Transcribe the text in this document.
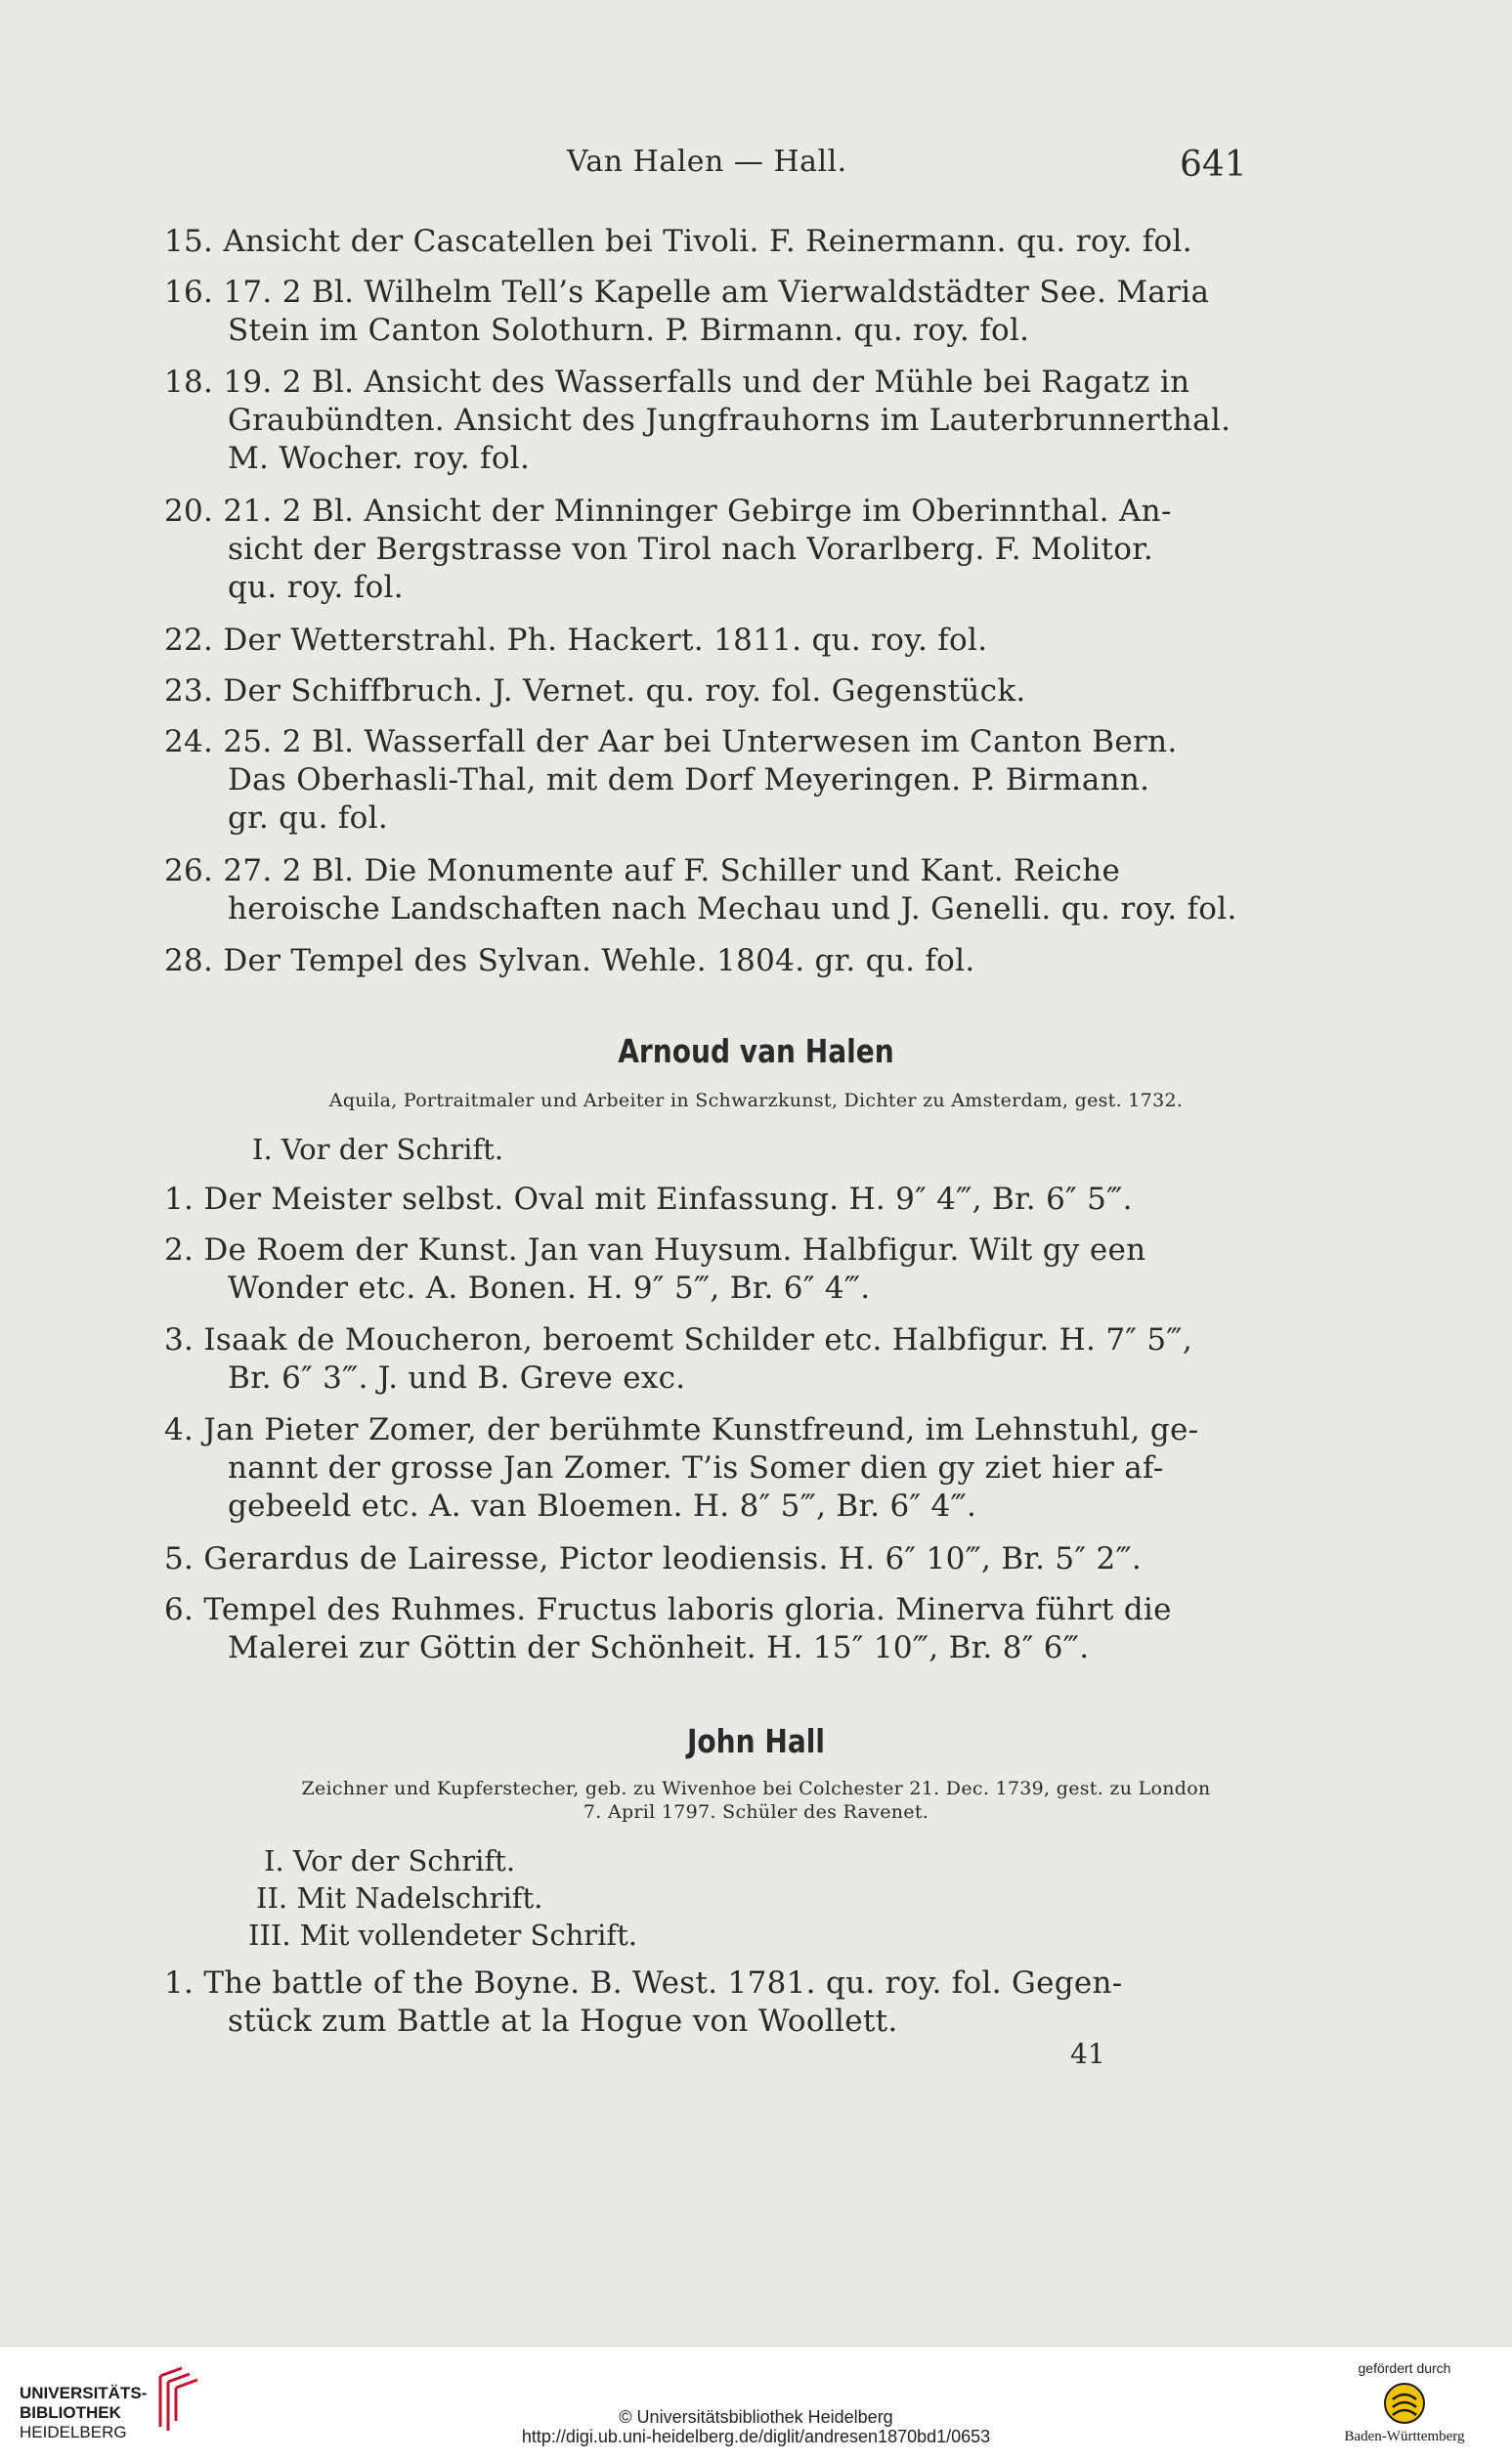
Van Halen — Hall.	641
15. Ansicht der Cascatellen bei Tivoli. F. Reinermann. qu. roy. fol.
16. 17. 2 Bl. Wilhelm Tell’s Kapelle am Vierwaldstädter See. Maria
Stein im Canton Solothurn. P. Birmann. qu. roy. fol.
18. 19. 2 Bl. Ansicht des Wasserfalls und der Mühle bei Ragatz in
Graubündten. Ansicht des Jungfrauhorns im Lauterbrunnerthal.
M. Wocher. roy. fol.
20. 21. 2 Bl. Ansicht der Minninger Gebirge im Oberinnthal. An-
sicht der Bergstrasse von Tirol nach Vorarlberg. F. Molitor.
qu. roy. fol.
22. Der Wetterstrahl. Ph. Hackert. 1811. qu. roy. fol.
23. Der Schiffbruch. J. Vernet. qu. roy. fol. Gegenstück.
24. 25. 2 Bl. Wasserfall der Aar bei Unterwesen im Canton Bern.
Das Oberhasli-Thal, mit dem Dorf Meyeringen. P. Birmann.
gr. qu. fol.
26. 27. 2 Bl. Die Monumente auf F. Schiller und Kant. Reiche
heroische Landschaften nach Mechau und J. Genelli. qu. roy. fol.
28. Der Tempel des Sylvan. Wehle. 1804. gr. qu. fol.
Arnoud van Halen
Aquila, Portraitmaler und Arbeiter in Schwarzkunst, Dichter zu Amsterdam, gest. 1732.
I. Vor der Schrift.
1. Der Meister selbst. Oval mit Einfassung. H. 9″ 4‴, Br. 6″ 5‴.
2. De Roem der Kunst. Jan van Huysum. Halbfigur. Wilt gy een
Wonder etc. A. Bonen. H. 9″ 5‴, Br. 6″ 4‴.
3. Isaak de Moucheron, beroemt Schilder etc. Halbfigur. H. 7″ 5‴,
Br. 6″ 3‴. J. und B. Greve exc.
4. Jan Pieter Zomer, der berühmte Kunstfreund, im Lehnstuhl, ge-
nannt der grosse Jan Zomer. T’is Somer dien gy ziet hier af-
gebeeld etc. A. van Bloemen. H. 8″ 5‴, Br. 6″ 4‴.
5. Gerardus de Lairesse, Pictor leodiensis. H. 6″ 10‴, Br. 5″ 2‴.
6. Tempel des Ruhmes. Fructus laboris gloria. Minerva führt die
Malerei zur Göttin der Schönheit. H. 15″ 10‴, Br. 8″ 6‴.
John Hall
Zeichner und Kupferstecher, geb. zu Wivenhoe bei Colchester 21. Dec. 1739, gest. zu London
7. April 1797. Schüler des Ravenet.
I. Vor der Schrift.
II. Mit Nadelschrift.
III. Mit vollendeter Schrift.
1. The battle of the Boyne. B. West. 1781. qu. roy. fol. Gegen-
stück zum Battle at la Hogue von Woollett.
41
UNIVERSITÄTS-
BIBLIOTHEK
HEIDELBERG
© Universitätsbibliothek Heidelberg
http://digi.ub.uni-heidelberg.de/diglit/andresen1870bd1/0653
gefördert durch
Baden-Württemberg
